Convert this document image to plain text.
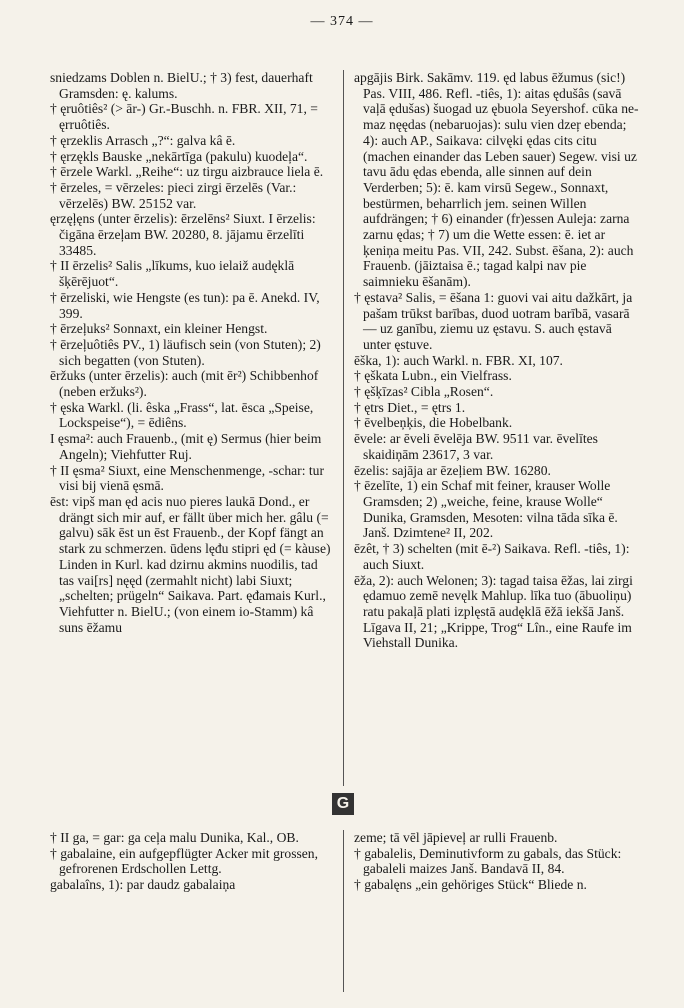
— 374 —

sniedzams Doblen n. BielU.; † 3) fest, dauerhaft Gramsden: ę. kalums.

† ęruôtiês² (> ār-) Gr.-Buschh. n. FBR. XII, 71, = ęrruôtiês.

† ęrzeklis Arrasch „?“: galva kâ ē.

† ęrzękls Bauske „nekārtīga (pakulu) kuodeļa“.

† ērzele Warkl. „Reihe“: uz tirgu aizbrauce liela ē.

† ērzeles, = vērzeles: pieci zirgi ērzelēs (Var.: vērzelēs) BW. 25152 var.

ęrzęļęns (unter ērzelis): ērzelēns² Siuxt. I ērzelis: čigāna ērzeļam BW. 20280, 8. jājamu ērzelīti 33485.

† II ērzelis² Salis „līkums, kuo ielaiž audęklā šķērējuot“.

† ērzeliski, wie Hengste (es tun): pa ē. Anekd. IV, 399.

† ērzeļuks² Sonnaxt, ein kleiner Hengst.

† ērzeļuôtiês PV., 1) läufisch sein (von Stuten); 2) sich begatten (von Stuten).

ēržuks (unter ērzelis): auch (mit ēr²) Schibbenhof (neben eržuks²).

† ęska Warkl. (li. êska „Frass“, lat. ēsca „Speise, Lockspeise“), = ēdiêns.

I ęsma²: auch Frauenb., (mit ę) Sermus (hier beim Angeln); Viehfutter Ruj.

† II ęsma² Siuxt, eine Menschenmenge, -schar: tur visi bij vienā ęsmā.

ēst: vipš man ęd acis nuo pieres laukā Dond., er drängt sich mir auf, er fällt über mich her. gâlu (= galvu) sāk ēst un ēst Frauenb., der Kopf fängt an stark zu schmerzen. ūdens lęđu stipri ęd (= kàuse) Linden in Kurl. kad dzirnu akmins nuodilis, tad tas vai[rs] nęęd (zermahlt nicht) labi Siuxt; „schelten; prügeln“ Saikava. Part. ęđamais Kurl., Viehfutter n. BielU.; (von einem io-Stamm) kâ suns ēžamu

apgājis Birk. Sakāmv. 119. ęd labus ēžumus (sic!) Pas. VIII, 486. Refl. -tiês, 1): aitas ędušâs (savā vaļā ędušas) šuogad uz ębuola Seyershof. cūka ne-maz nęędas (nebaruojas): sulu vien dzeŗ ebenda; 4): auch AP., Saikava: cilvęki ędas cits citu (machen einander das Leben sauer) Segew. visi uz tavu ādu ędas ebenda, alle sinnen auf dein Verderben; 5): ē. kam virsū Segew., Sonnaxt, bestürmen, beharrlich jem. seinen Willen aufdrängen; † 6) einander (fr)essen Auleja: zarna zarnu ędas; † 7) um die Wette essen: ē. iet ar ķeniņa meitu Pas. VII, 242. Subst. ēšana, 2): auch Frauenb. (jāiztaisa ē.; tagad kalpi nav pie saimnieku ēšanām).

† ęstava² Salis, = ēšana 1: guovi vai aitu dažkārt, ja pašam trūkst barības, duod uotram barībā, vasarā— uz ganību, ziemu uz ęstavu. S. auch ęstavā unter ęstuve.

ēška, 1): auch Warkl. n. FBR. XI, 107.

† ęškata Lubn., ein Vielfrass.

† ęšķīzas² Cibla „Rosen“.

† ętrs Diet., = ętrs 1.

† ēvelbeņķis, die Hobelbank.

ēvele: ar ēveli ēvelēja BW. 9511 var. ēvelītes skaidiņām 23617, 3 var.

ēzelis: sajāja ar ēzeļiem BW. 16280.

† ēzelīte, 1) ein Schaf mit feiner, krauser Wolle Gramsden; 2) „weiche, feine, krause Wolle“ Dunika, Gramsden, Mesoten: vilna tāda sīka ē. Janš. Dzimtene² II, 202.

ēzêt, † 3) schelten (mit ē-²) Saikava. Refl. -tiês, 1): auch Siuxt.

ēža, 2): auch Welonen; 3): tagad taisa ēžas, lai zirgi ędamuo zemē nevęlk Mahlup. līka tuo (ābuoliņu) ratu pakaļā plati izplęstā audęklā ēžā iekšā Janš. Līgava II, 21; „Krippe, Trog“ Lîn., eine Raufe im Viehstall Dunika.

G

† II ga, = gar: ga ceļa malu Dunika, Kal., OB.

† gabalaine, ein aufgepflügter Acker mit grossen, gefrorenen Erdschollen Lettg.

gabalaîns, 1): par daudz gabalaiņa

zeme; tā vēl jāpieveļ ar rulli Frauenb.

† gabalelis, Deminutivform zu gabals, das Stück: gabaleli maizes Janš. Bandavā II, 84.

† gabalęns „ein gehöriges Stück“ Bliede n.
